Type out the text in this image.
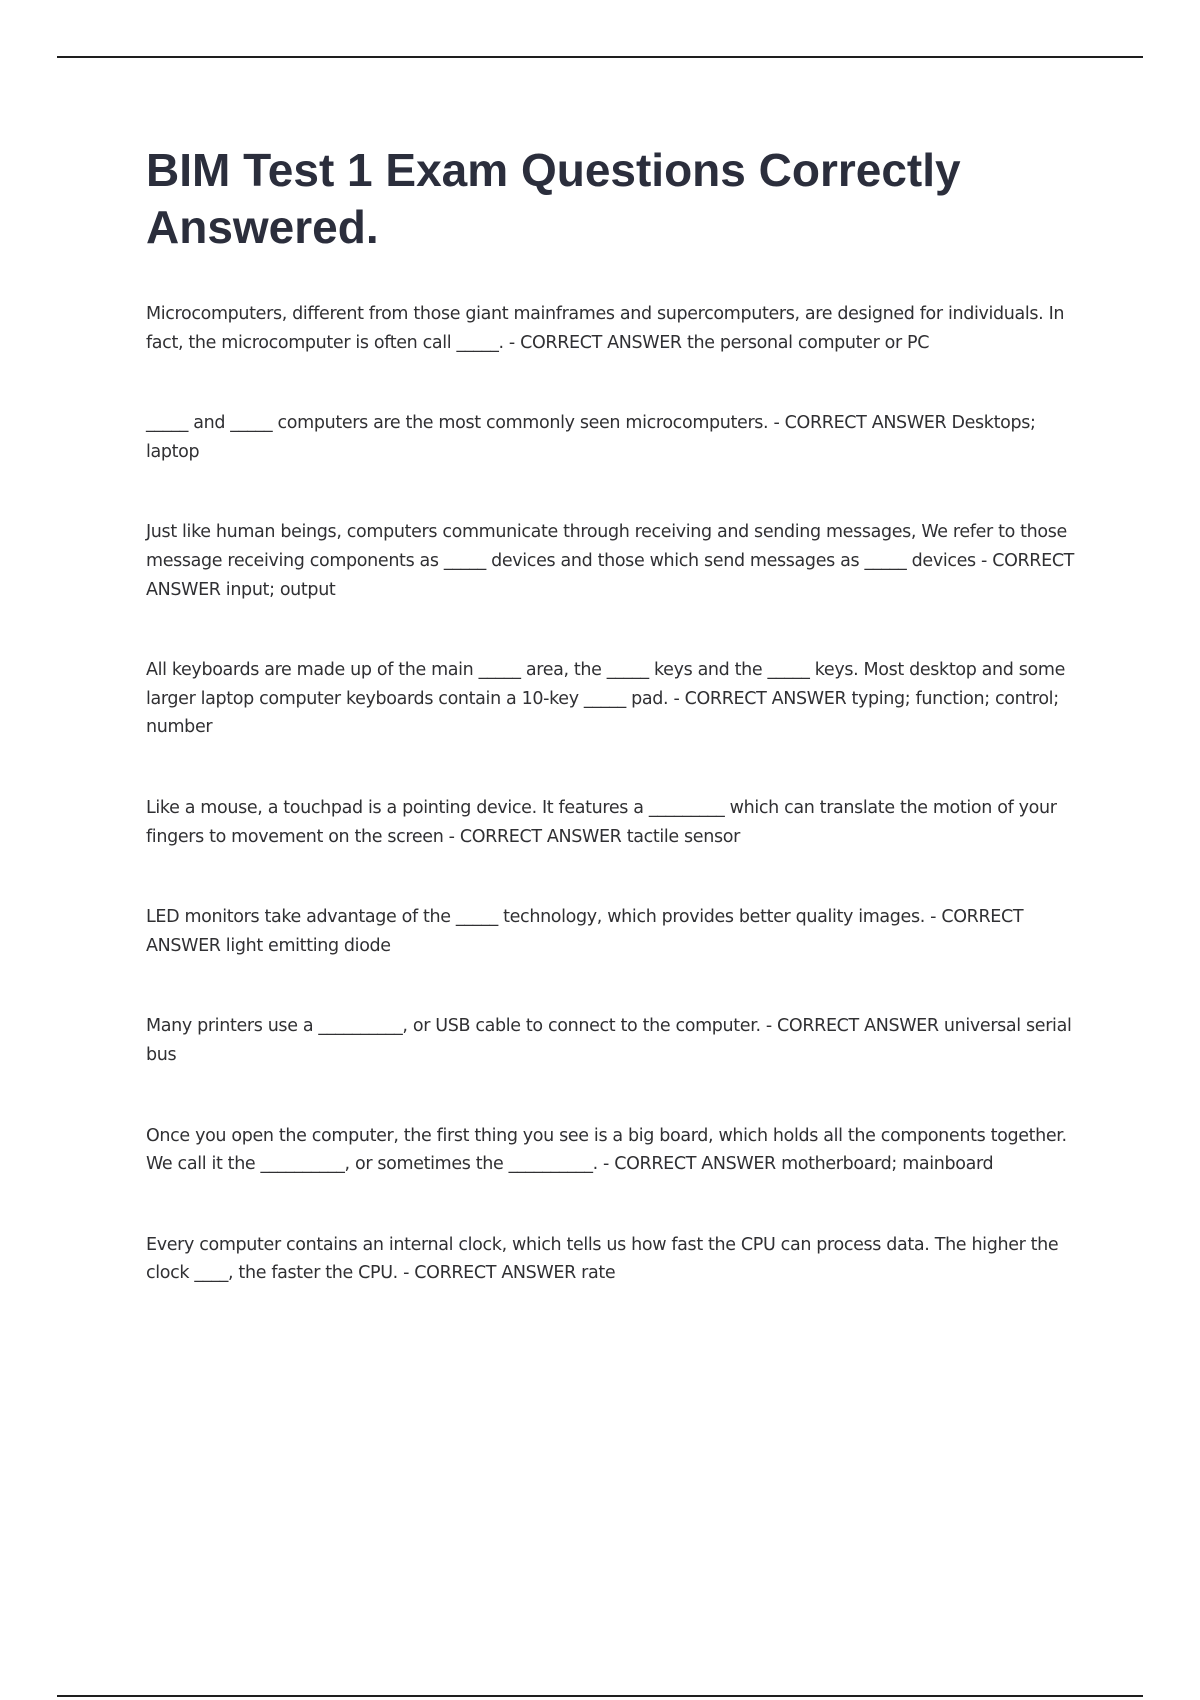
BIM Test 1 Exam Questions Correctly Answered.

Microcomputers, different from those giant mainframes and supercomputers, are designed for individuals. In fact, the microcomputer is often call _____. - CORRECT ANSWER the personal computer or PC

_____ and _____ computers are the most commonly seen microcomputers. - CORRECT ANSWER Desktops; laptop

Just like human beings, computers communicate through receiving and sending messages, We refer to those message receiving components as _____ devices and those which send messages as _____ devices - CORRECT ANSWER input; output

All keyboards are made up of the main _____ area, the _____ keys and the _____ keys. Most desktop and some larger laptop computer keyboards contain a 10-key _____ pad. - CORRECT ANSWER typing; function; control; number

Like a mouse, a touchpad is a pointing device. It features a _________ which can translate the motion of your fingers to movement on the screen - CORRECT ANSWER tactile sensor

LED monitors take advantage of the _____ technology, which provides better quality images. - CORRECT ANSWER light emitting diode

Many printers use a __________, or USB cable to connect to the computer. - CORRECT ANSWER universal serial bus

Once you open the computer, the first thing you see is a big board, which holds all the components together. We call it the __________, or sometimes the __________. - CORRECT ANSWER motherboard; mainboard

Every computer contains an internal clock, which tells us how fast the CPU can process data. The higher the clock ____, the faster the CPU. - CORRECT ANSWER rate
